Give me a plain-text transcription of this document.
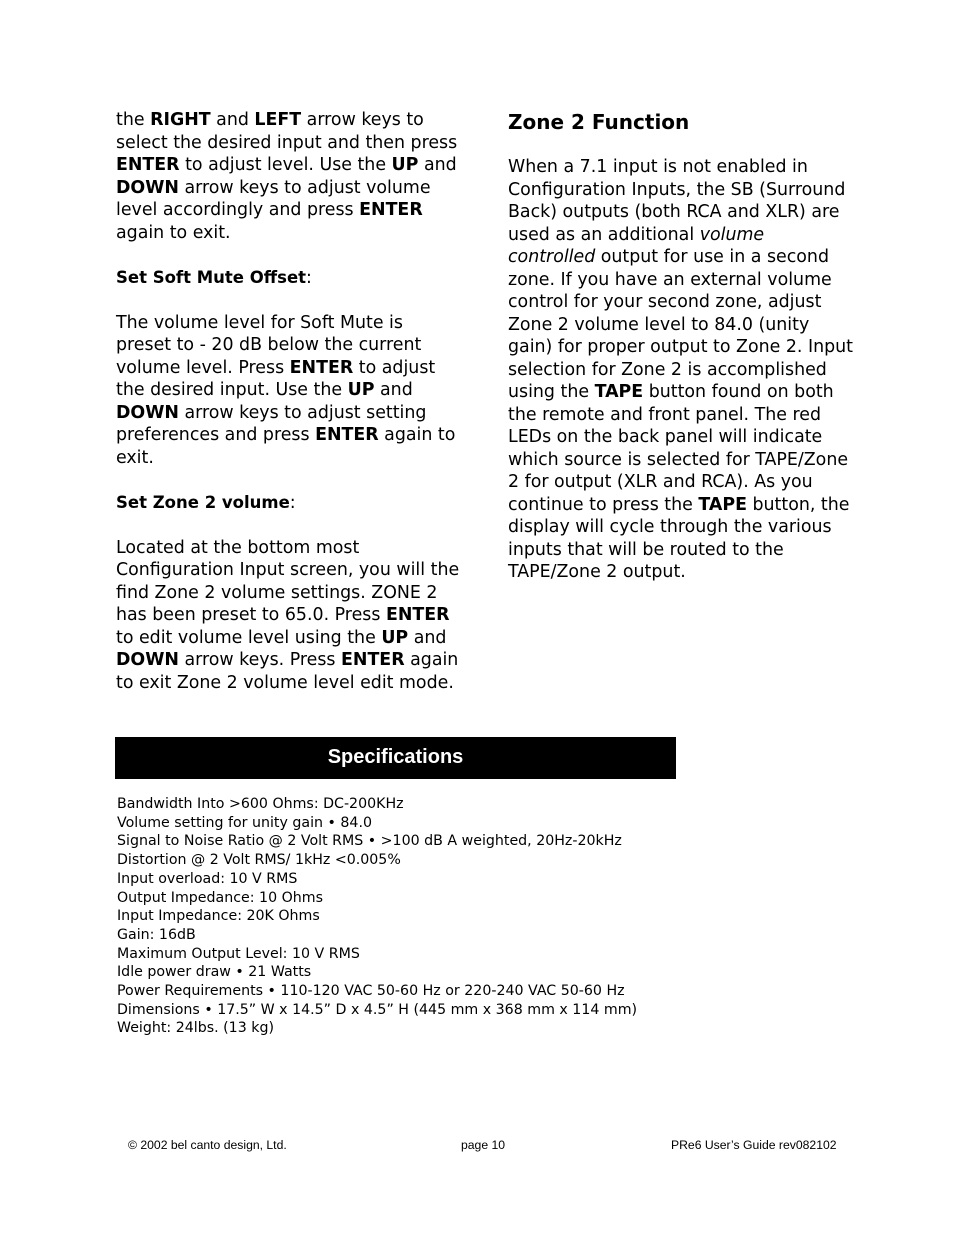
the RIGHT and LEFT arrow keys to select the desired input and then press ENTER to adjust level. Use the UP and DOWN arrow keys to adjust volume level accordingly and press ENTER again to exit.

Set Soft Mute Offset:

The volume level for Soft Mute is preset to - 20 dB below the current volume level. Press ENTER to adjust the desired input. Use the UP and DOWN arrow keys to adjust setting preferences and press ENTER again to exit.

Set Zone 2 volume:

Located at the bottom most Configuration Input screen, you will the find Zone 2 volume settings. ZONE 2 has been preset to 65.0. Press ENTER to edit volume level using the UP and DOWN arrow keys. Press ENTER again to exit Zone 2 volume level edit mode.

Zone 2 Function

When a 7.1 input is not enabled in Configuration Inputs, the SB (Surround Back) outputs (both RCA and XLR) are used as an additional volume controlled output for use in a second zone. If you have an external volume control for your second zone, adjust Zone 2 volume level to 84.0 (unity gain) for proper output to Zone 2. Input selection for Zone 2 is accomplished using the TAPE button found on both the remote and front panel. The red LEDs on the back panel will indicate which source is selected for TAPE/Zone 2 for output (XLR and RCA). As you continue to press the TAPE button, the display will cycle through the various inputs that will be routed to the TAPE/Zone 2 output.

Specifications
Bandwidth Into >600 Ohms: DC-200KHz
Volume setting for unity gain • 84.0
Signal to Noise Ratio @ 2 Volt RMS • >100 dB A weighted, 20Hz-20kHz
Distortion @ 2 Volt RMS/ 1kHz <0.005%
Input overload: 10 V RMS
Output Impedance: 10 Ohms
Input Impedance: 20K Ohms
Gain: 16dB
Maximum Output Level: 10 V RMS
Idle power draw • 21 Watts
Power Requirements • 110-120 VAC 50-60 Hz or 220-240 VAC 50-60 Hz
Dimensions • 17.5” W x 14.5” D x 4.5” H (445 mm x 368 mm x 114 mm)
Weight: 24lbs. (13 kg)
© 2002 bel canto design, Ltd.	page 10	PRe6 User’s Guide rev082102
